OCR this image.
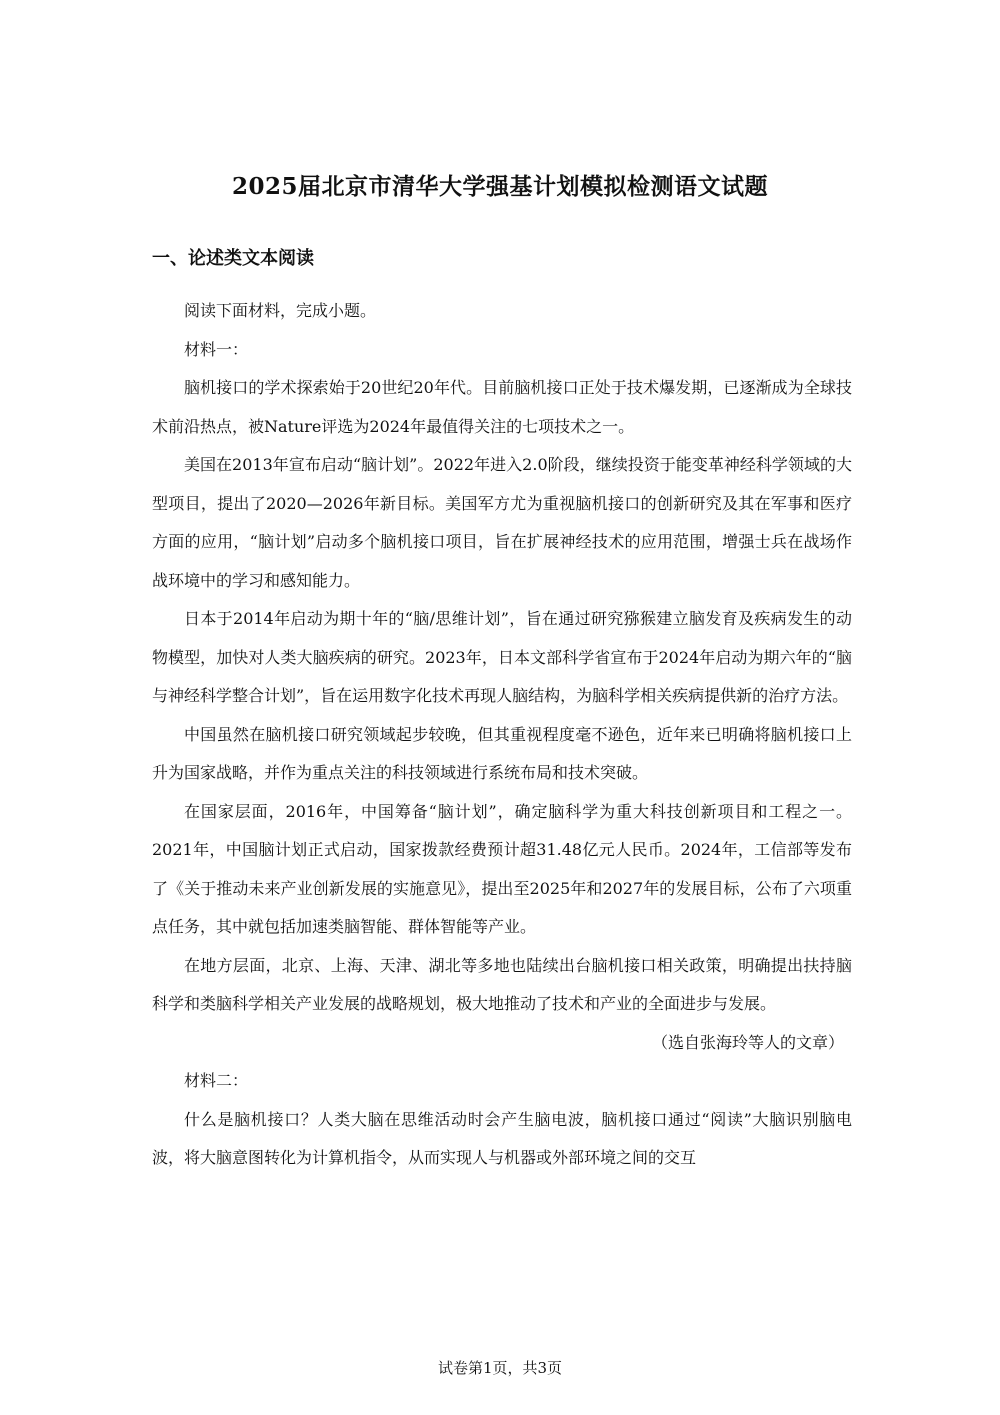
2025届北京市清华大学强基计划模拟检测语文试题
一、论述类文本阅读

阅读下面材料，完成小题。

材料一：

脑机接口的学术探索始于20世纪20年代。目前脑机接口正处于技术爆发期，已逐渐成为全球技术前沿热点，被Nature评选为2024年最值得关注的七项技术之一。

美国在2013年宣布启动“脑计划”。2022年进入2.0阶段，继续投资于能变革神经科学领域的大型项目，提出了2020—2026年新目标。美国军方尤为重视脑机接口的创新研究及其在军事和医疗方面的应用，“脑计划”启动多个脑机接口项目，旨在扩展神经技术的应用范围，增强士兵在战场作战环境中的学习和感知能力。

日本于2014年启动为期十年的“脑/思维计划”，旨在通过研究猕猴建立脑发育及疾病发生的动物模型，加快对人类大脑疾病的研究。2023年，日本文部科学省宣布于2024年启动为期六年的“脑与神经科学整合计划”，旨在运用数字化技术再现人脑结构，为脑科学相关疾病提供新的治疗方法。

中国虽然在脑机接口研究领域起步较晚，但其重视程度毫不逊色，近年来已明确将脑机接口上升为国家战略，并作为重点关注的科技领域进行系统布局和技术突破。

在国家层面，2016年，中国筹备“脑计划”，确定脑科学为重大科技创新项目和工程之一。2021年，中国脑计划正式启动，国家拨款经费预计超31.48亿元人民币。2024年，工信部等发布了《关于推动未来产业创新发展的实施意见》，提出至2025年和2027年的发展目标，公布了六项重点任务，其中就包括加速类脑智能、群体智能等产业。

在地方层面，北京、上海、天津、湖北等多地也陆续出台脑机接口相关政策，明确提出扶持脑科学和类脑科学相关产业发展的战略规划，极大地推动了技术和产业的全面进步与发展。

（选自张海玲等人的文章）

材料二：

什么是脑机接口？人类大脑在思维活动时会产生脑电波，脑机接口通过“阅读”大脑识别脑电波，将大脑意图转化为计算机指令，从而实现人与机器或外部环境之间的交互

试卷第1页，共3页
